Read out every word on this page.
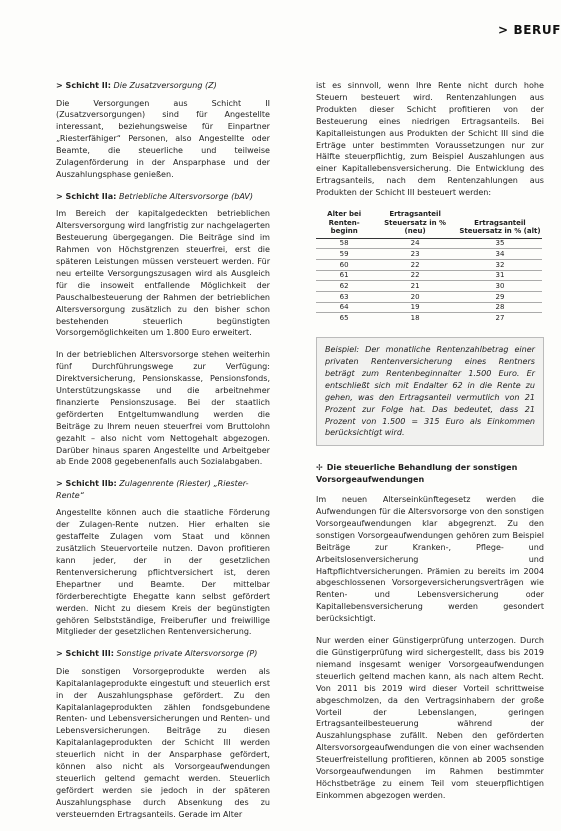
> BERUF
> Schicht II: Die Zusatzversorgung (Z)

Die Versorgungen aus Schicht II (Zusatzversorgungen) sind für Angestellte interessant, beziehungsweise für Einpartner „Riesterfähiger“ Personen, also Angestellte oder Beamte, die steuerliche und teilweise Zulagenförderung in der Ansparphase und der Auszahlungsphase genießen.

> Schicht IIa: Betriebliche Altersvorsorge (bAV)

Im Bereich der kapitalgedeckten betrieblichen Altersversorgung wird langfristig zur nachgelagerten Besteuerung übergegangen. Die Beiträge sind im Rahmen von Höchstgrenzen steuerfrei, erst die späteren Leistungen müssen versteuert werden. Für neu erteilte Versorgungszusagen wird als Ausgleich für die insoweit entfallende Möglichkeit der Pauschalbesteuerung der Rahmen der betrieblichen Altersversorgung zusätzlich zu den bisher schon bestehenden steuerlich begünstigten Vorsorgemöglichkeiten um 1.800 Euro erweitert.

In der betrieblichen Altersvorsorge stehen weiterhin fünf Durchführungswege zur Verfügung: Direktversicherung, Pensionskasse, Pensionsfonds, Unterstützungskasse und die arbeitnehmer finanzierte Pensionszusage. Bei der staatlich geförderten Entgeltumwandlung werden die Beiträge zu Ihrem neuen steuerfrei vom Bruttolohn gezahlt – also nicht vom Nettogehalt abgezogen. Darüber hinaus sparen Angestellte und Arbeitgeber ab Ende 2008 gegebenenfalls auch Sozialabgaben.

> Schicht IIb: Zulagenrente (Riester) „Riester-Rente“

Angestellte können auch die staatliche Förderung der Zulagen-Rente nutzen. Hier erhalten sie gestaffelte Zulagen vom Staat und können zusätzlich Steuervorteile nutzen. Davon profitieren kann jeder, der in der gesetzlichen Rentenversicherung pflichtversichert ist, deren Ehepartner und Beamte. Der mittelbar förderberechtigte Ehegatte kann selbst gefördert werden. Nicht zu diesem Kreis der begünstigten gehören Selbstständige, Freiberufler und freiwillige Mitglieder der gesetzlichen Rentenversicherung.

> Schicht III: Sonstige private Altersvorsorge (P)

Die sonstigen Vorsorgeprodukte werden als Kapitalanlageprodukte eingestuft und steuerlich erst in der Auszahlungsphase gefördert. Zu den Kapitalanlageprodukten zählen fondsgebundene Renten- und Lebensversicherungen und Renten- und Lebensversicherungen. Beiträge zu diesen Kapitalanlageprodukten der Schicht III werden steuerlich nicht in der Ansparphase gefördert, können also nicht als Vorsorgeaufwendungen steuerlich geltend gemacht werden. Steuerlich gefördert werden sie jedoch in der späteren Auszahlungsphase durch Absenkung des zu versteuernden Ertragsanteils. Gerade im Alter

ist es sinnvoll, wenn Ihre Rente nicht durch hohe Steuern besteuert wird. Rentenzahlungen aus Produkten dieser Schicht profitieren von der Besteuerung eines niedrigen Ertragsanteils. Bei Kapitalleistungen aus Produkten der Schicht III sind die Erträge unter bestimmten Voraussetzungen nur zur Hälfte steuerpflichtig, zum Beispiel Auszahlungen aus einer Kapitallebensversicherung. Die Entwicklung des Ertragsanteils, nach dem Rentenzahlungen aus Produkten der Schicht III besteuert werden:

Alter bei Renten-beginn	Ertragsanteil Steuersatz in % (neu)	Ertragsanteil Steuersatz in % (alt)
58	24	35
59	23	34
60	22	32
61	22	31
62	21	30
63	20	29
64	19	28
65	18	27
Beispiel: Der monatliche Rentenzahlbetrag einer privaten Rentenversicherung eines Rentners beträgt zum Rentenbeginnalter 1.500 Euro. Er entschließt sich mit Endalter 62 in die Rente zu gehen, was den Ertragsanteil vermutlich von 21 Prozent zur Folge hat. Das bedeutet, dass 21 Prozent von 1.500 = 315 Euro als Einkommen berücksichtigt wird.
✢ Die steuerliche Behandlung der sonstigen Vorsorgeaufwendungen

Im neuen Alterseinkünftegesetz werden die Aufwendungen für die Altersvorsorge von den sonstigen Vorsorgeaufwendungen klar abgegrenzt. Zu den sonstigen Vorsorgeaufwendungen gehören zum Beispiel Beiträge zur Kranken-, Pflege- und Arbeitslosenversicherung und Haftpflichtversicherungen. Prämien zu bereits im 2004 abgeschlossenen Vorsorgeversicherungsverträgen wie Renten- und Lebensversicherung oder Kapitallebensversicherung werden gesondert berücksichtigt.

Nur werden einer Günstigerprüfung unterzogen. Durch die Günstigerprüfung wird sichergestellt, dass bis 2019 niemand insgesamt weniger Vorsorgeaufwendungen steuerlich geltend machen kann, als nach altem Recht. Von 2011 bis 2019 wird dieser Vorteil schrittweise abgeschmolzen, da den Vertragsinhabern der große Vorteil der Lebenslangen, geringen Ertragsanteilbesteuerung während der Auszahlungsphase zufällt. Neben den geförderten Altersvorsorgeaufwendungen die von einer wachsenden Steuerfreistellung profitieren, können ab 2005 sonstige Vorsorgeaufwendungen im Rahmen bestimmter Höchstbeträge zu einem Teil vom steuerpflichtigen Einkommen abgezogen werden.
